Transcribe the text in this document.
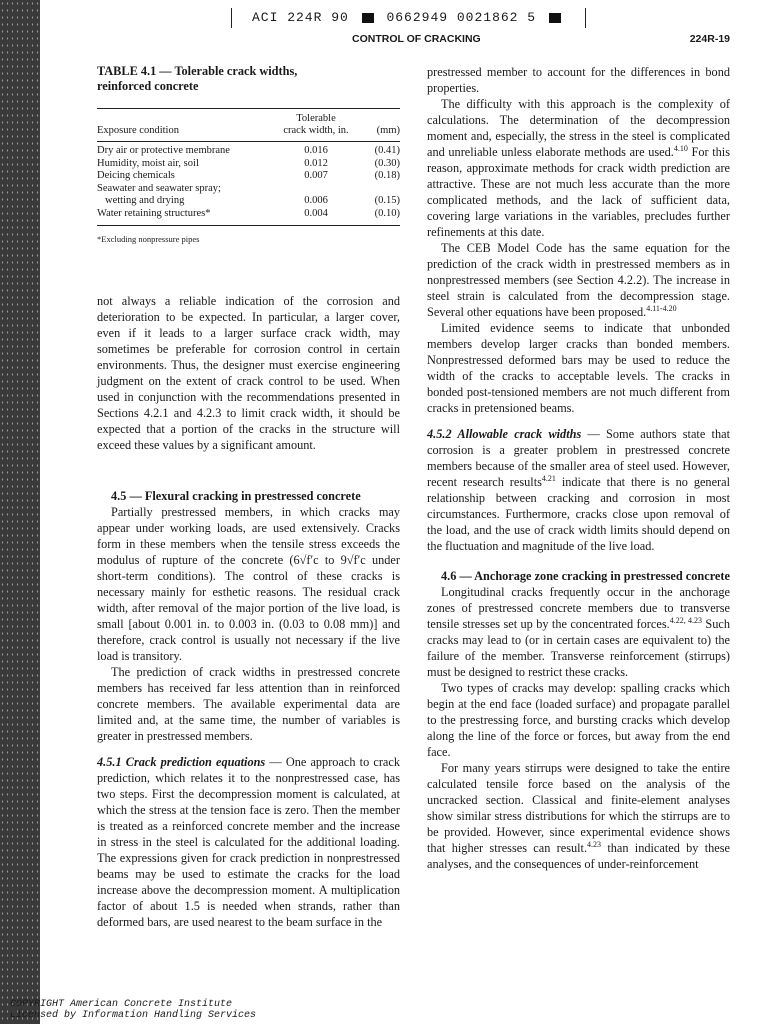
ACI 224R 90	0662949 0021862 5
CONTROL OF CRACKING	224R-19
TABLE 4.1 — Tolerable crack widths,
reinforced concrete
Exposure condition
Tolerable
crack width, in.	(mm)
Dry air or protective membrane	0.016	(0.41)
Humidity, moist air, soil	0.012	(0.30)
Deicing chemicals	0.007	(0.18)
Seawater and seawater spray;
wetting and drying	0.006	(0.15)
Water retaining structures*	0.004	(0.10)
*Excluding nonpressure pipes

not always a reliable indication of the corrosion and deterioration to be expected. In particular, a larger cover, even if it leads to a larger surface crack width, may sometimes be preferable for corrosion control in certain environments. Thus, the designer must exercise engineering judgment on the extent of crack control to be used. When used in conjunction with the recommendations presented in Sections 4.2.1 and 4.2.3 to limit crack width, it should be expected that a portion of the cracks in the structure will exceed these values by a significant amount.

4.5 — Flexural cracking in prestressed concrete

Partially prestressed members, in which cracks may appear under working loads, are used extensively. Cracks form in these members when the tensile stress exceeds the modulus of rupture of the concrete (6√f′c to 9√f′c under short-term conditions). The control of these cracks is necessary mainly for esthetic reasons. The residual crack width, after removal of the major portion of the live load, is small [about 0.001 in. to 0.003 in. (0.03 to 0.08 mm)] and therefore, crack control is usually not necessary if the live load is transitory.

The prediction of crack widths in prestressed concrete members has received far less attention than in reinforced concrete members. The available experimental data are limited and, at the same time, the number of variables is greater in prestressed members.

4.5.1 Crack prediction equations — One approach to crack prediction, which relates it to the nonprestressed case, has two steps. First the decompression moment is calculated, at which the stress at the tension face is zero. Then the member is treated as a reinforced concrete member and the increase in stress in the steel is calculated for the additional loading. The expressions given for crack prediction in nonprestressed beams may be used to estimate the cracks for the load increase above the decompression moment. A multiplication factor of about 1.5 is needed when strands, rather than deformed bars, are used nearest to the beam surface in the

prestressed member to account for the differences in bond properties.

The difficulty with this approach is the complexity of calculations. The determination of the decompression moment and, especially, the stress in the steel is complicated and unreliable unless elaborate methods are used.$^{4.10}$ For this reason, approximate methods for crack width prediction are attractive. These are not much less accurate than the more complicated methods, and the lack of sufficient data, covering large variations in the variables, precludes further refinements at this date.

The CEB Model Code has the same equation for the prediction of the crack width in prestressed members as in nonprestressed members (see Section 4.2.2). The increase in steel strain is calculated from the decompression stage. Several other equations have been proposed.$^{4.11-4.20}$

Limited evidence seems to indicate that unbonded members develop larger cracks than bonded members. Nonprestressed deformed bars may be used to reduce the width of the cracks to acceptable levels. The cracks in bonded post-tensioned members are not much different from cracks in pretensioned beams.

4.5.2 Allowable crack widths — Some authors state that corrosion is a greater problem in prestressed concrete members because of the smaller area of steel used. However, recent research results$^{4.21}$ indicate that there is no general relationship between cracking and corrosion in most circumstances. Furthermore, cracks close upon removal of the load, and the use of crack width limits should depend on the fluctuation and magnitude of the live load.

4.6 — Anchorage zone cracking in prestressed concrete

Longitudinal cracks frequently occur in the anchorage zones of prestressed concrete members due to transverse tensile stresses set up by the concentrated forces.$^{4.22, 4.23}$ Such cracks may lead to (or in certain cases are equivalent to) the failure of the member. Transverse reinforcement (stirrups) must be designed to restrict these cracks.

Two types of cracks may develop: spalling cracks which begin at the end face (loaded surface) and propagate parallel to the prestressing force, and bursting cracks which develop along the line of the force or forces, but away from the end face.

For many years stirrups were designed to take the entire calculated tensile force based on the analysis of the uncracked section. Classical and finite-element analyses show similar stress distributions for which the stirrups are to be provided. However, since experimental evidence shows that higher stresses can result.$^{4.23}$ than indicated by these analyses, and the consequences of under-reinforcement

COPYRIGHT American Concrete Institute
Licensed by Information Handling Services
